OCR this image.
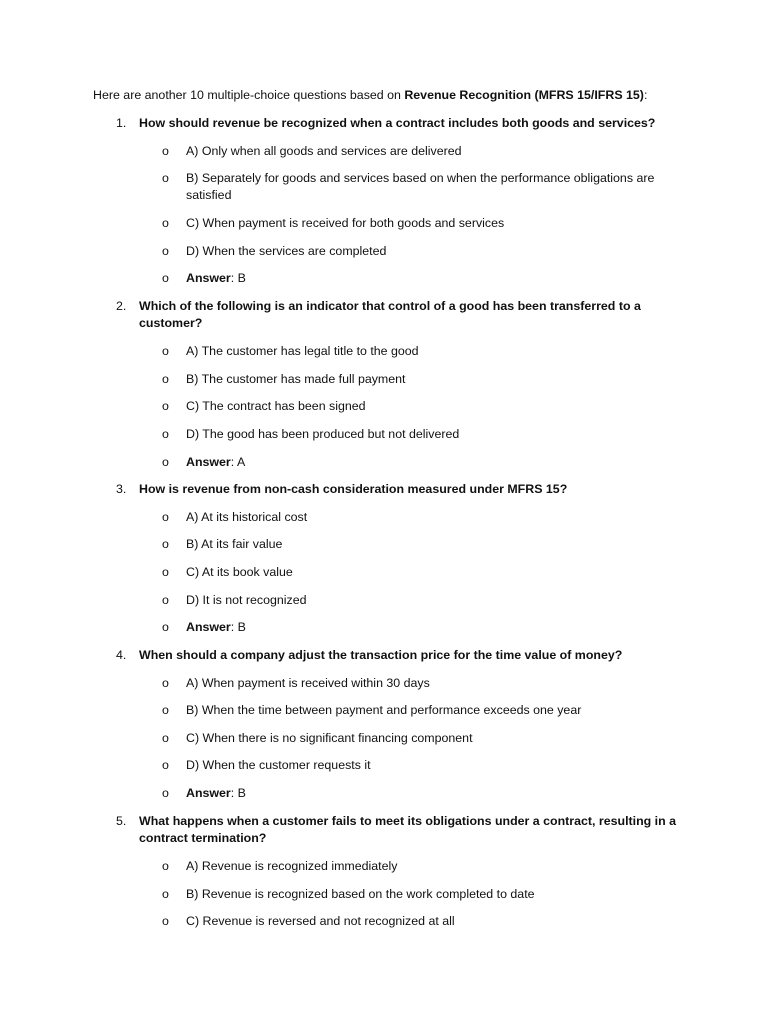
Here are another 10 multiple-choice questions based on Revenue Recognition (MFRS 15/IFRS 15):

1.	How should revenue be recognized when a contract includes both goods and services?
o	A) Only when all goods and services are delivered
o	B) Separately for goods and services based on when the performance obligations are satisfied
o	C) When payment is received for both goods and services
o	D) When the services are completed
o	Answer: B
2.	Which of the following is an indicator that control of a good has been transferred to a customer?
o	A) The customer has legal title to the good
o	B) The customer has made full payment
o	C) The contract has been signed
o	D) The good has been produced but not delivered
o	Answer: A
3.	How is revenue from non-cash consideration measured under MFRS 15?
o	A) At its historical cost
o	B) At its fair value
o	C) At its book value
o	D) It is not recognized
o	Answer: B
4.	When should a company adjust the transaction price for the time value of money?
o	A) When payment is received within 30 days
o	B) When the time between payment and performance exceeds one year
o	C) When there is no significant financing component
o	D) When the customer requests it
o	Answer: B
5.	What happens when a customer fails to meet its obligations under a contract, resulting in a contract termination?
o	A) Revenue is recognized immediately
o	B) Revenue is recognized based on the work completed to date
o	C) Revenue is reversed and not recognized at all
